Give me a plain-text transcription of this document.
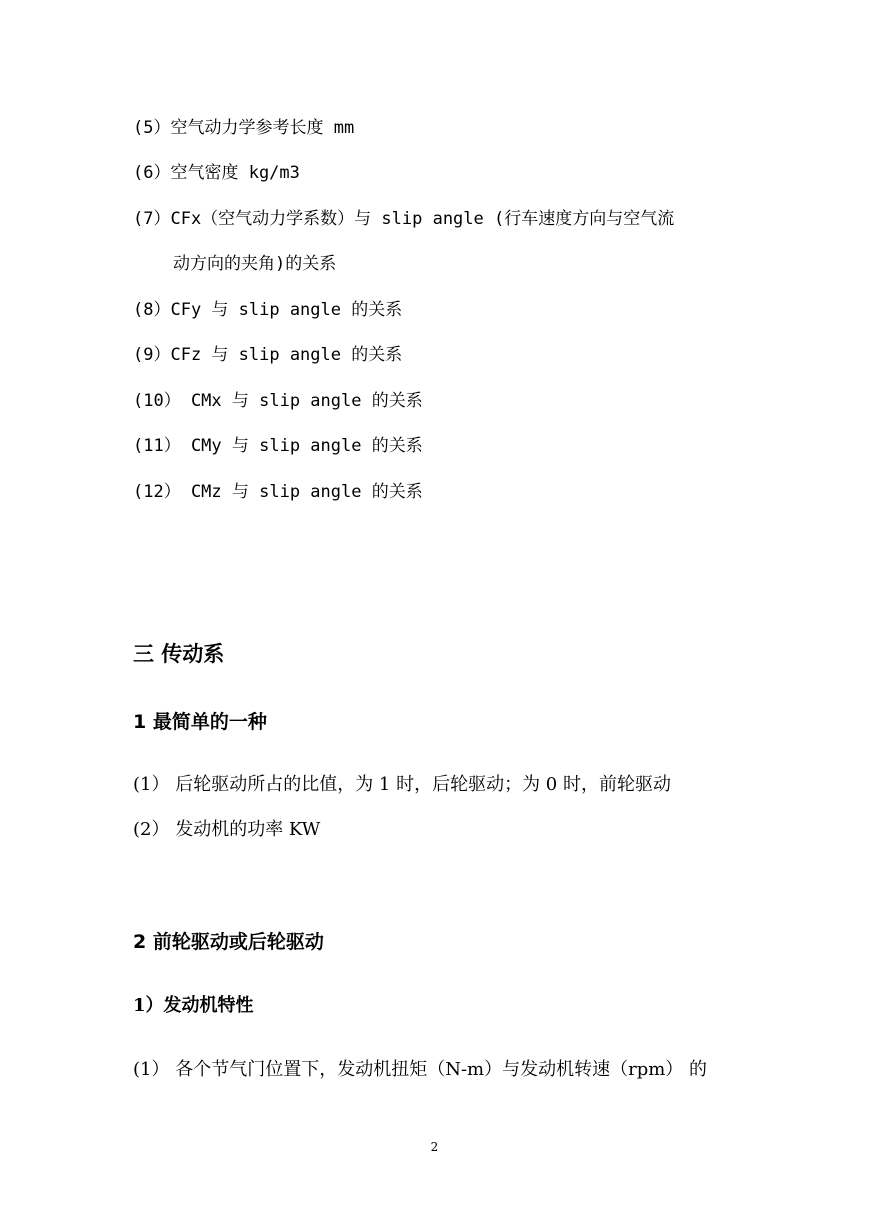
(5）空气动力学参考长度 mm
(6）空气密度 kg/m3
(7）CFx（空气动力学系数）与 slip angle (行车速度方向与空气流
动方向的夹角)的关系
(8）CFy 与 slip angle 的关系
(9）CFz 与 slip angle 的关系
(10） CMx 与 slip angle 的关系
(11） CMy 与 slip angle 的关系
(12） CMz 与 slip angle 的关系
三 传动系
1 最简单的一种
(1） 后轮驱动所占的比值，为 1 时，后轮驱动；为 0 时，前轮驱动
(2） 发动机的功率 KW
2 前轮驱动或后轮驱动
1）发动机特性
(1） 各个节气门位置下，发动机扭矩（N-m）与发动机转速（rpm） 的
2
